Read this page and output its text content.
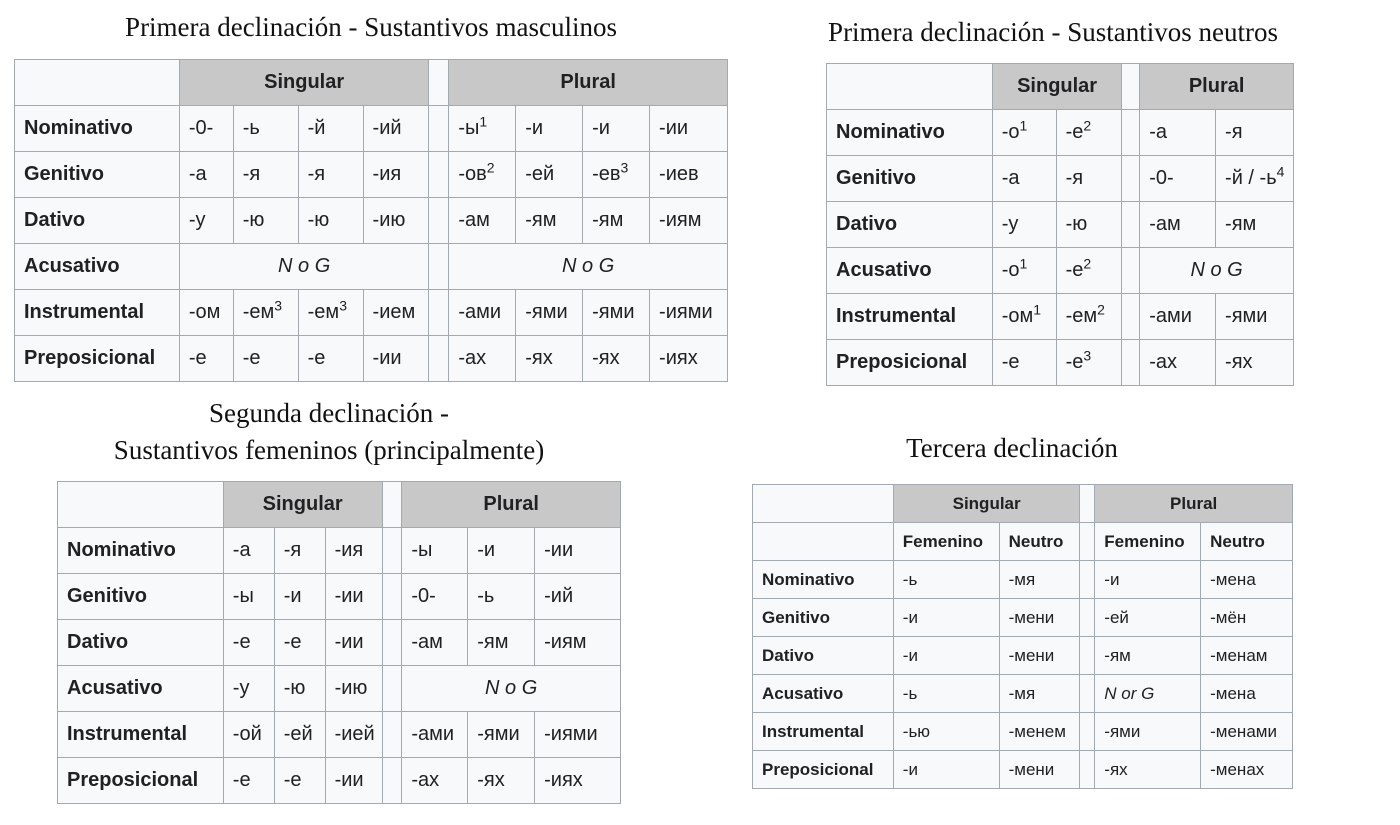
Primera declinación - Sustantivos masculinos
	Singular					Plural			
Nominativo	-0-	-ь	-й	-ий		$-ы^1$	-и	-и	-ии
Genitivo	-а	-я	-я	-ия		$-ов^2$	-ей	$-ев^3$	-иев
Dativo	-у	-ю	-ю	-ию		-ам	-ям	-ям	-иям
Acusativo	N o G					N o G			
Instrumental	-ом	$-ем^3$	$-ем^3$	-ием		-ами	-ями	-ями	-иями
Preposicional	-е	-е	-е	-ии		-ах	-ях	-ях	-иях
Primera declinación - Sustantivos neutros
	Singular			Plural	
Nominativo	$-о^1$	$-е^2$		-а	-я
Genitivo	-а	-я		-0-	$-й / -ь^4$
Dativo	-у	-ю		-ам	-ям
Acusativo	$-о^1$	$-е^2$		N o G	
Instrumental	$-ом^1$	$-ем^2$		-ами	-ями
Preposicional	-е	$-е^3$		-ах	-ях
Segunda declinación -
Sustantivos femeninos (principalmente)
	Singular				Plural		
Nominativo	-а	-я	-ия		-ы	-и	-ии
Genitivo	-ы	-и	-ии		-0-	-ь	-ий
Dativo	-е	-е	-ии		-ам	-ям	-иям
Acusativo	-у	-ю	-ию		N o G		
Instrumental	-ой	-ей	-ией		-ами	-ями	-иями
Preposicional	-е	-е	-ии		-ах	-ях	-иях
Tercera declinación
	Singular			Plural	
	Femenino	Neutro		Femenino	Neutro
Nominativo	-ь	-мя		-и	-мена
Genitivo	-и	-мени		-ей	-мён
Dativo	-и	-мени		-ям	-менам
Acusativo	-ь	-мя		N or G	-мена
Instrumental	-ью	-менем		-ями	-менами
Preposicional	-и	-мени		-ях	-менах
